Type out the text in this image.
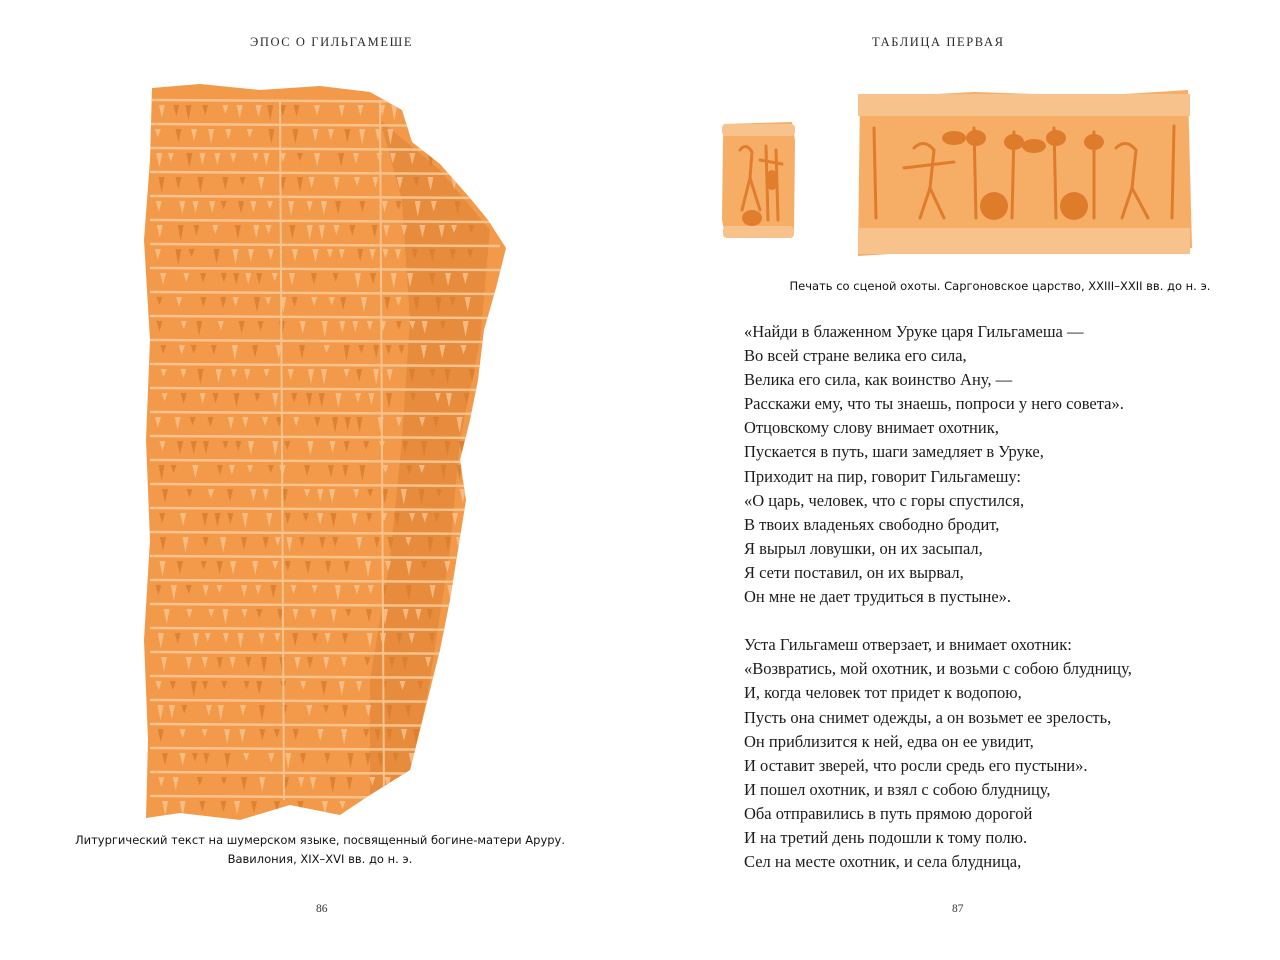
ЭПОС О ГИЛЬГАМЕШЕ
Литургический текст на шумерском языке, посвященный богине-матери Аруру.
Вавилония, XIX–XVI вв. до н. э.
86
ТАБЛИЦА ПЕРВАЯ
Печать со сценой охоты. Саргоновское царство, XXIII–XXII вв. до н. э.
«Найди в блаженном Уруке царя Гильгамеша —
Во всей стране велика его сила,
Велика его сила, как воинство Ану, —
Расскажи ему, что ты знаешь, попроси у него совета».
Отцовскому слову внимает охотник,
Пускается в путь, шаги замедляет в Уруке,
Приходит на пир, говорит Гильгамешу:
«О царь, человек, что с горы спустился,
В твоих владеньях свободно бродит,
Я вырыл ловушки, он их засыпал,
Я сети поставил, он их вырвал,
Он мне не дает трудиться в пустыне».
Уста Гильгамеш отверзает, и внимает охотник:
«Возвратись, мой охотник, и возьми с собою блудницу,
И, когда человек тот придет к водопою,
Пусть она снимет одежды, а он возьмет ее зрелость,
Он приблизится к ней, едва он ее увидит,
И оставит зверей, что росли средь его пустыни».
И пошел охотник, и взял с собою блудницу,
Оба отправились в путь прямою дорогой
И на третий день подошли к тому полю.
Сел на месте охотник, и села блудница,
87
